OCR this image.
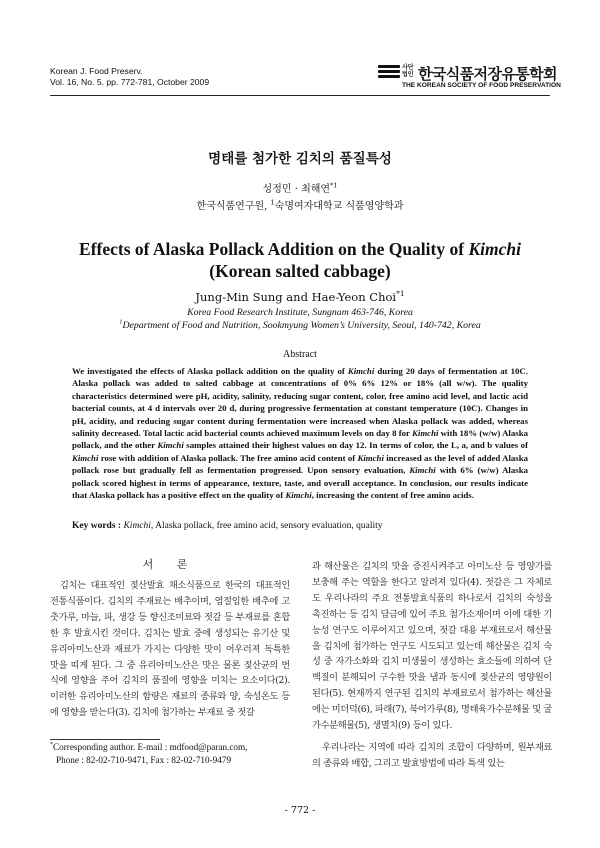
Korean J. Food Preserv.
Vol. 16, No. 5. pp. 772-781, October 2009
사단 법인 한국식품저장유통학회
THE KOREAN SOCIETY OF FOOD PRESERVATION
명태를 첨가한 김치의 품질특성
성정민 · 최해연$^{*1}$
한국식품연구원, $^1$숙명여자대학교 식품영양학과
Effects of Alaska Pollack Addition on the Quality of Kimchi (Korean salted cabbage)
Jung-Min Sung and Hae-Yeon Choi$^{*1}$
Korea Food Research Institute, Sungnam 463-746, Korea
$^1$Department of Food and Nutrition, Sookmyung Women’s University, Seoul, 140-742, Korea
Abstract
We investigated the effects of Alaska pollack addition on the quality of Kimchi during 20 days of fermentation at 10C. Alaska pollack was added to salted cabbage at concentrations of 0% 6% 12% or 18% (all w/w). The quality characteristics determined were pH, acidity, salinity, reducing sugar content, color, free amino acid level, and lactic acid bacterial counts, at 4 d intervals over 20 d, during progressive fermentation at constant temperature (10C). Changes in pH, acidity, and reducing sugar content during fermentation were increased when Alaska pollack was added, whereas salinity decreased. Total lactic acid bacterial counts achieved maximum levels on day 8 for Kimchi with 18% (w/w) Alaska pollack, and the other Kimchi samples attained their highest values on day 12. In terms of color, the L, a, and b values of Kimchi rose with addition of Alaska pollack. The free amino acid content of Kimchi increased as the level of added Alaska pollack rose but gradually fell as fermentation progressed. Upon sensory evaluation, Kimchi with 6% (w/w) Alaska pollack scored highest in terms of appearance, texture, taste, and overall acceptance. In conclusion, our results indicate that Alaska pollack has a positive effect on the quality of Kimchi, increasing the content of free amino acids.
Key words : Kimchi, Alaska pollack, free amino acid, sensory evaluation, quality
서 론

김치는 대표적인 젖산발효 채소식품으로 한국의 대표적인 전통식품이다. 김치의 주재료는 배추이며, 염절임한 배추에 고춧가루, 마늘, 파, 생강 등 향신조미료와 젓갈 등 부재료를 혼합한 후 발효시킨 것이다. 김치는 발효 중에 생성되는 유기산 및 유리아미노산과 재료가 가지는 다양한 맛이 어우러져 독특한 맛을 띠게 된다. 그 중 유리아미노산은 맛은 물론 젖산균의 번식에 영향을 주어 김치의 품질에 영향을 미치는 요소이다(2). 이러한 유리아미노산의 함량은 재료의 종류와 양, 숙성온도 등에 영향을 받는다(3). 김치에 첨가하는 부재료 중 젓갈

과 해산물은 김치의 맛을 증진시켜주고 아미노산 등 영양가를 보충해 주는 역할을 한다고 알려져 있다(4). 젓갈은 그 자체로도 우리나라의 주요 전통발효식품의 하나로서 김치의 숙성을 촉진하는 등 김치 담금에 있어 주요 첨가소재이며 이에 대한 기능성 연구도 이루어지고 있으며, 젓갈 대용 부재료로서 해산물을 김치에 첨가하는 연구도 시도되고 있는데 해산물은 김치 숙성 중 자가소화와 김치 미생물이 생성하는 효소들에 의하여 단백질이 분해되어 구수한 맛을 냄과 동시에 젖산균의 영양원이 된다(5). 현재까지 연구된 김치의 부재료로서 첨가하는 해산물에는 미더덕(6), 파래(7), 북어가루(8), 명태육가수분해물 및 굴가수분해물(5), 생멸치(9) 등이 있다.

우리나라는 지역에 따라 김치의 조합이 다양하며, 원부재료의 종류와 배합, 그리고 발효방법에 따라 특색 있는

*Corresponding author. E-mail : mdfood@paran.com,
Phone : 82-02-710-9471, Fax : 82-02-710-9479
- 772 -
